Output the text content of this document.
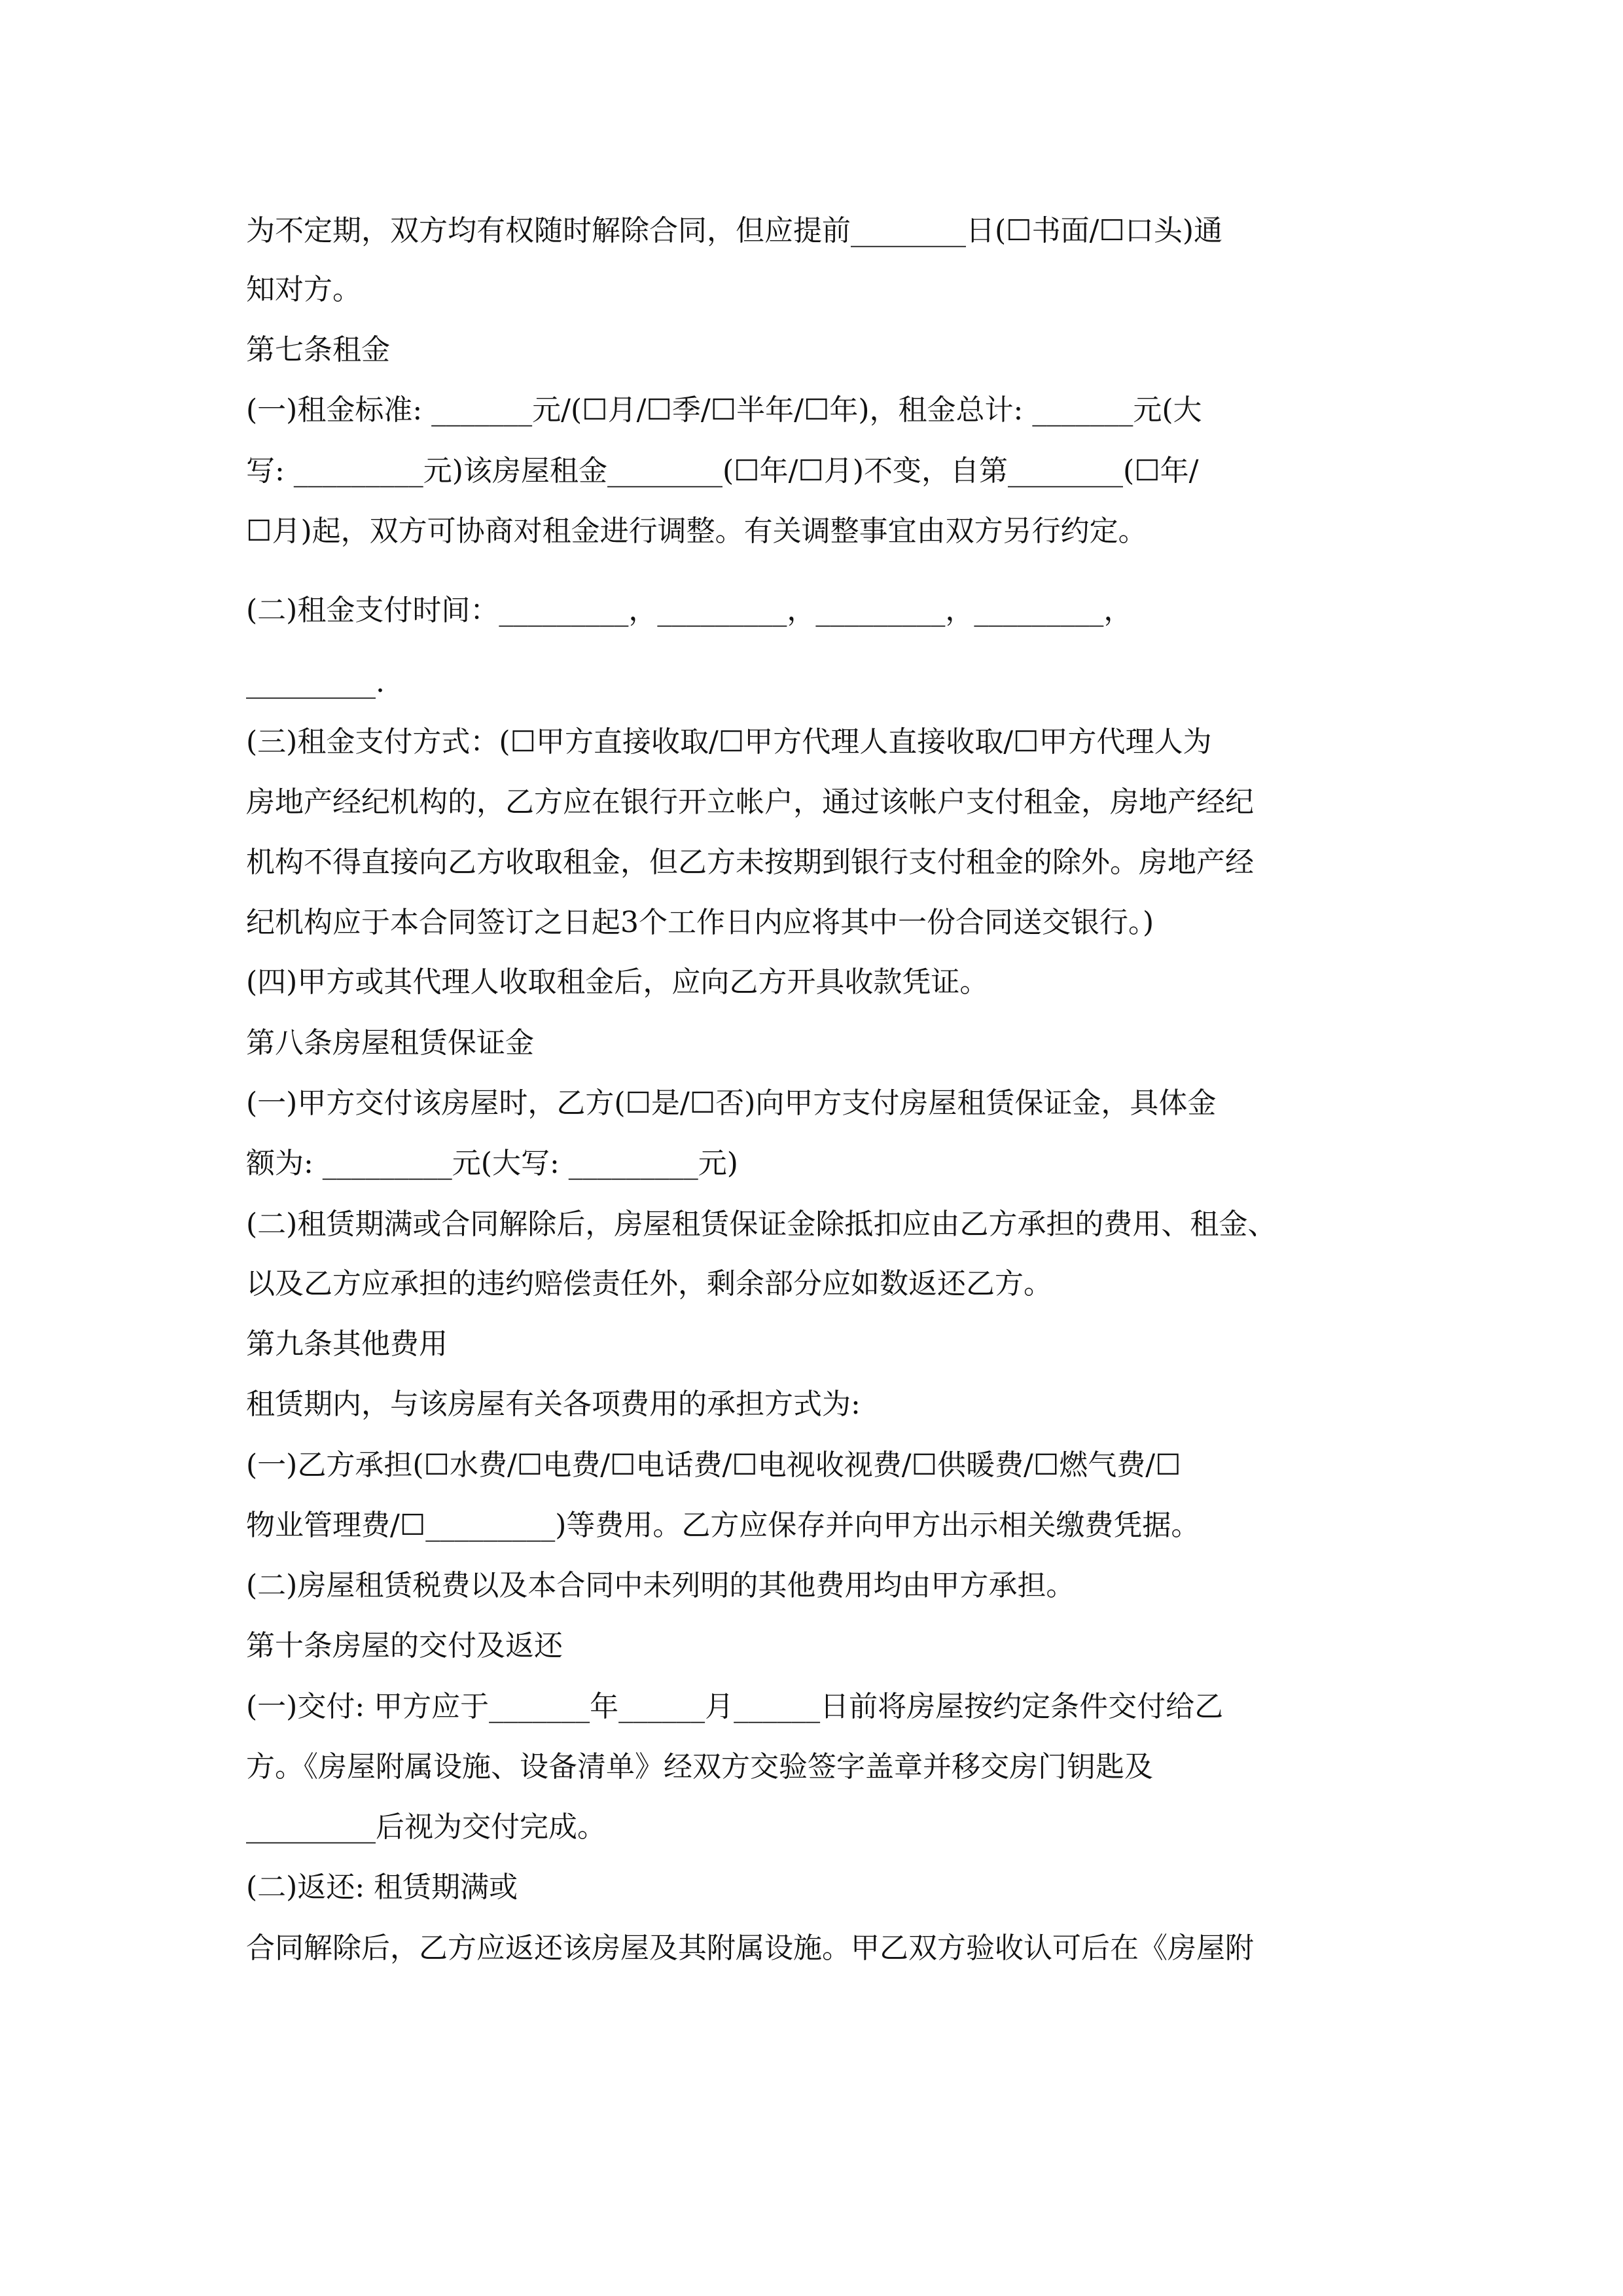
为不定期，双方均有权随时解除合同，但应提前________日(☐书面/☐口头)通

知对方。

第七条租金

(一)租金标准: _______元/(☐月/☐季/☐半年/☐年)，租金总计: _______元(大

写: _________元)该房屋租金________(☐年/☐月)不变，自第________(☐年/

☐月)起，双方可协商对租金进行调整。有关调整事宜由双方另行约定。

(二)租金支付时间：_________，_________，_________，_________，

_________.

(三)租金支付方式：(☐甲方直接收取/☐甲方代理人直接收取/☐甲方代理人为

房地产经纪机构的，乙方应在银行开立帐户，通过该帐户支付租金，房地产经纪

机构不得直接向乙方收取租金，但乙方未按期到银行支付租金的除外。房地产经

纪机构应于本合同签订之日起3个工作日内应将其中一份合同送交银行。)

(四)甲方或其代理人收取租金后，应向乙方开具收款凭证。

第八条房屋租赁保证金

(一)甲方交付该房屋时，乙方(☐是/☐否)向甲方支付房屋租赁保证金，具体金

额为: _________元(大写: _________元)

(二)租赁期满或合同解除后，房屋租赁保证金除抵扣应由乙方承担的费用、租金、

以及乙方应承担的违约赔偿责任外，剩余部分应如数返还乙方。

第九条其他费用

租赁期内，与该房屋有关各项费用的承担方式为:

(一)乙方承担(☐水费/☐电费/☐电话费/☐电视收视费/☐供暖费/☐燃气费/☐

物业管理费/☐_________)等费用。乙方应保存并向甲方出示相关缴费凭据。

(二)房屋租赁税费以及本合同中未列明的其他费用均由甲方承担。

第十条房屋的交付及返还

(一)交付: 甲方应于_______年______月______日前将房屋按约定条件交付给乙

方。《房屋附属设施、设备清单》经双方交验签字盖章并移交房门钥匙及

_________后视为交付完成。

(二)返还: 租赁期满或

合同解除后，乙方应返还该房屋及其附属设施。甲乙双方验收认可后在《房屋附
